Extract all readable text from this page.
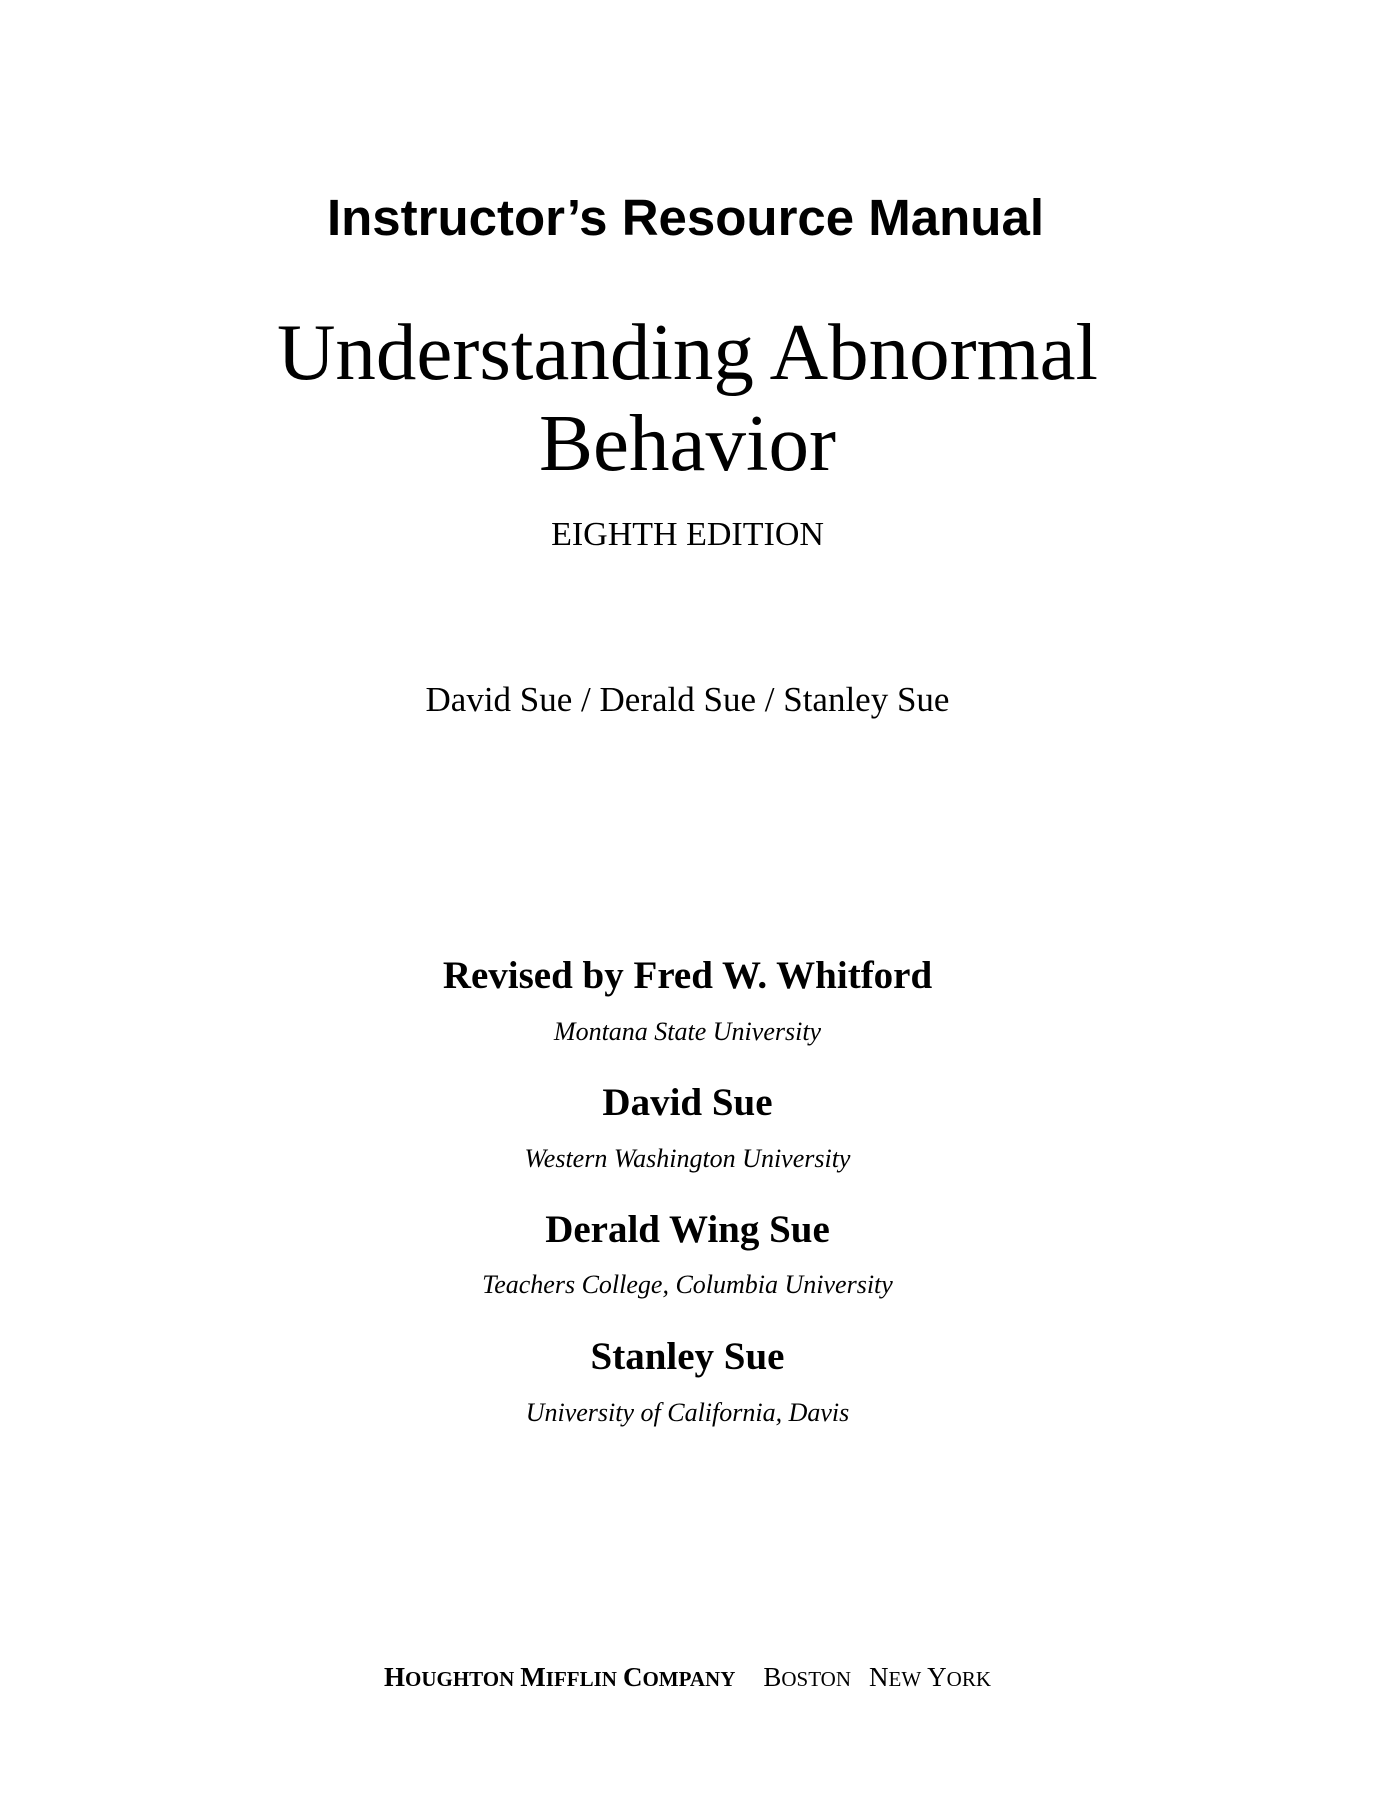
Instructor’s Resource Manual
Understanding Abnormal
Behavior
EIGHTH EDITION
David Sue / Derald Sue / Stanley Sue
Revised by Fred W. Whitford
Montana State University
David Sue
Western Washington University
Derald Wing Sue
Teachers College, Columbia University
Stanley Sue
University of California, Davis
HOUGHTON MIFFLIN COMPANY BOSTON NEW YORK
